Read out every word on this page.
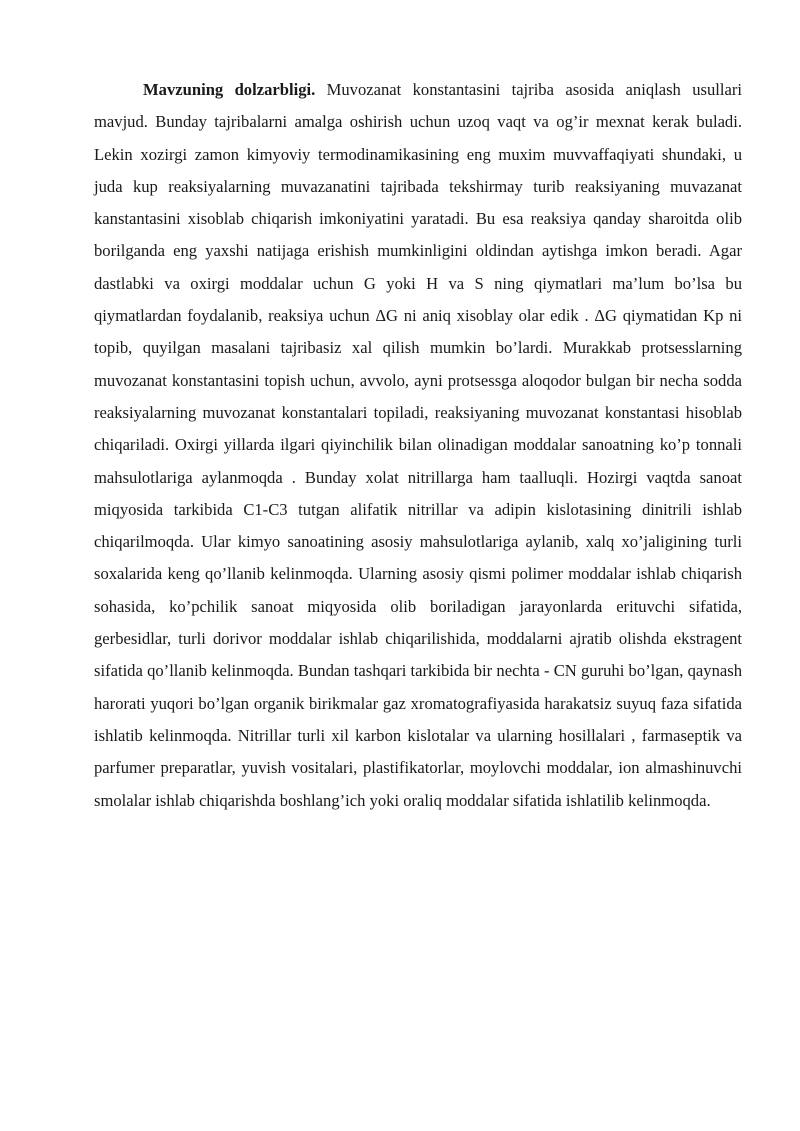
Mavzuning dolzarbligi. Muvozanat konstantasini tajriba asosida aniqlash usullari mavjud. Bunday tajribalarni amalga oshirish uchun uzoq vaqt va og’ir mexnat kerak buladi. Lekin xozirgi zamon kimyoviy termodinamikasining eng muxim muvvaffaqiyati shundaki, u juda kup reaksiyalarning muvazanatini tajribada tekshirmay turib reaksiyaning muvazanat kanstantasini xisoblab chiqarish imkoniyatini yaratadi. Bu esa reaksiya qanday sharoitda olib borilganda eng yaxshi natijaga erishish mumkinligini oldindan aytishga imkon beradi. Agar dastlabki va oxirgi moddalar uchun G yoki H va S ning qiymatlari ma’lum bo’lsa bu qiymatlardan foydalanib, reaksiya uchun ΔG ni aniq xisoblay olar edik . ΔG qiymatidan Kp ni topib, quyilgan masalani tajribasiz xal qilish mumkin bo’lardi. Murakkab protsesslarning muvozanat konstantasini topish uchun, avvolo, ayni protsessga aloqodor bulgan bir necha sodda reaksiyalarning muvozanat konstantalari topiladi, reaksiyaning muvozanat konstantasi hisoblab chiqariladi. Oxirgi yillarda ilgari qiyinchilik bilan olinadigan moddalar sanoatning ko’p tonnali mahsulotlariga aylanmoqda . Bunday xolat nitrillarga ham taalluqli. Hozirgi vaqtda sanoat miqyosida tarkibida C1-C3 tutgan alifatik nitrillar va adipin kislotasining dinitrili ishlab chiqarilmoqda. Ular kimyo sanoatining asosiy mahsulotlariga aylanib, xalq xo’jaligining turli soxalarida keng qo’llanib kelinmoqda. Ularning asosiy qismi polimer moddalar ishlab chiqarish sohasida, ko’pchilik sanoat miqyosida olib boriladigan jarayonlarda erituvchi sifatida, gerbesidlar, turli dorivor moddalar ishlab chiqarilishida, moddalarni ajratib olishda ekstragent sifatida qo’llanib kelinmoqda. Bundan tashqari tarkibida bir nechta - CN guruhi bo’lgan, qaynash harorati yuqori bo’lgan organik birikmalar gaz xromatografiyasida harakatsiz suyuq faza sifatida ishlatib kelinmoqda. Nitrillar turli xil karbon kislotalar va ularning hosillalari , farmaseptik va parfumer preparatlar, yuvish vositalari, plastifikatorlar, moylovchi moddalar, ion almashinuvchi smolalar ishlab chiqarishda boshlang’ich yoki oraliq moddalar sifatida ishlatilib kelinmoqda.
